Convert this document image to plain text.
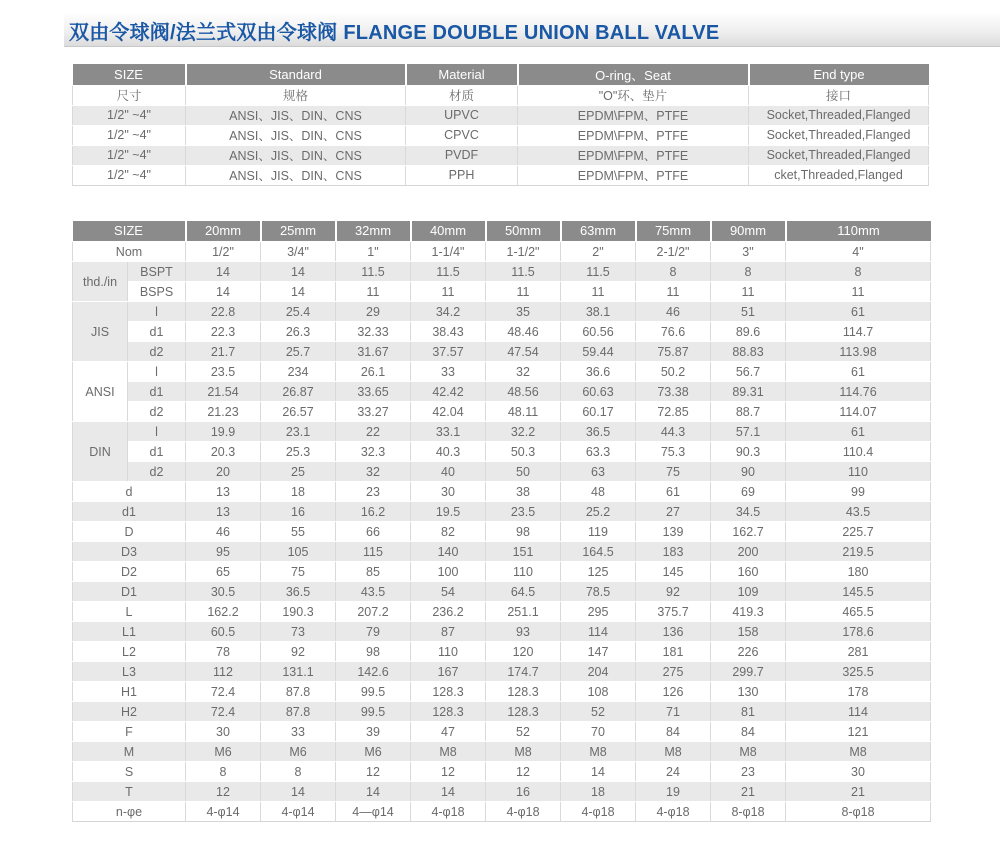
双由令球阀/法兰式双由令球阀 FLANGE DOUBLE UNION BALL VALVE
SIZE	Standard	Material	O-ring、Seat	End type
尺寸	规格	材质	"O"环、垫片	接口
1/2" ~4"	ANSI、JIS、DIN、CNS	UPVC	EPDM\FPM、PTFE	Socket,Threaded,Flanged
1/2" ~4"	ANSI、JIS、DIN、CNS	CPVC	EPDM\FPM、PTFE	Socket,Threaded,Flanged
1/2" ~4"	ANSI、JIS、DIN、CNS	PVDF	EPDM\FPM、PTFE	Socket,Threaded,Flanged
1/2" ~4"	ANSI、JIS、DIN、CNS	PPH	EPDM\FPM、PTFE	cket,Threaded,Flanged
SIZE		20mm	25mm	32mm	40mm	50mm	63mm	75mm	90mm	110mm
Nom		1/2"	3/4"	1"	1-1/4"	1-1/2"	2"	2-1/2"	3"	4"
thd./in	BSPT	14	14	11.5	11.5	11.5	11.5	8	8	8
	BSPS	14	14	11	11	11	11	11	11	11
JIS	l	22.8	25.4	29	34.2	35	38.1	46	51	61
	d1	22.3	26.3	32.33	38.43	48.46	60.56	76.6	89.6	114.7
	d2	21.7	25.7	31.67	37.57	47.54	59.44	75.87	88.83	113.98
ANSI	l	23.5	234	26.1	33	32	36.6	50.2	56.7	61
	d1	21.54	26.87	33.65	42.42	48.56	60.63	73.38	89.31	114.76
	d2	21.23	26.57	33.27	42.04	48.11	60.17	72.85	88.7	114.07
DIN	l	19.9	23.1	22	33.1	32.2	36.5	44.3	57.1	61
	d1	20.3	25.3	32.3	40.3	50.3	63.3	75.3	90.3	110.4
	d2	20	25	32	40	50	63	75	90	110
d		13	18	23	30	38	48	61	69	99
d1		13	16	16.2	19.5	23.5	25.2	27	34.5	43.5
D		46	55	66	82	98	119	139	162.7	225.7
D3		95	105	115	140	151	164.5	183	200	219.5
D2		65	75	85	100	110	125	145	160	180
D1		30.5	36.5	43.5	54	64.5	78.5	92	109	145.5
L		162.2	190.3	207.2	236.2	251.1	295	375.7	419.3	465.5
L1		60.5	73	79	87	93	114	136	158	178.6
L2		78	92	98	110	120	147	181	226	281
L3		112	131.1	142.6	167	174.7	204	275	299.7	325.5
H1		72.4	87.8	99.5	128.3	128.3	108	126	130	178
H2		72.4	87.8	99.5	128.3	128.3	52	71	81	114
F		30	33	39	47	52	70	84	84	121
M		M6	M6	M6	M8	M8	M8	M8	M8	M8
S		8	8	12	12	12	14	24	23	30
T		12	14	14	14	16	18	19	21	21
n-φe		4-φ14	4-φ14	4—φ14	4-φ18	4-φ18	4-φ18	4-φ18	8-φ18	8-φ18
